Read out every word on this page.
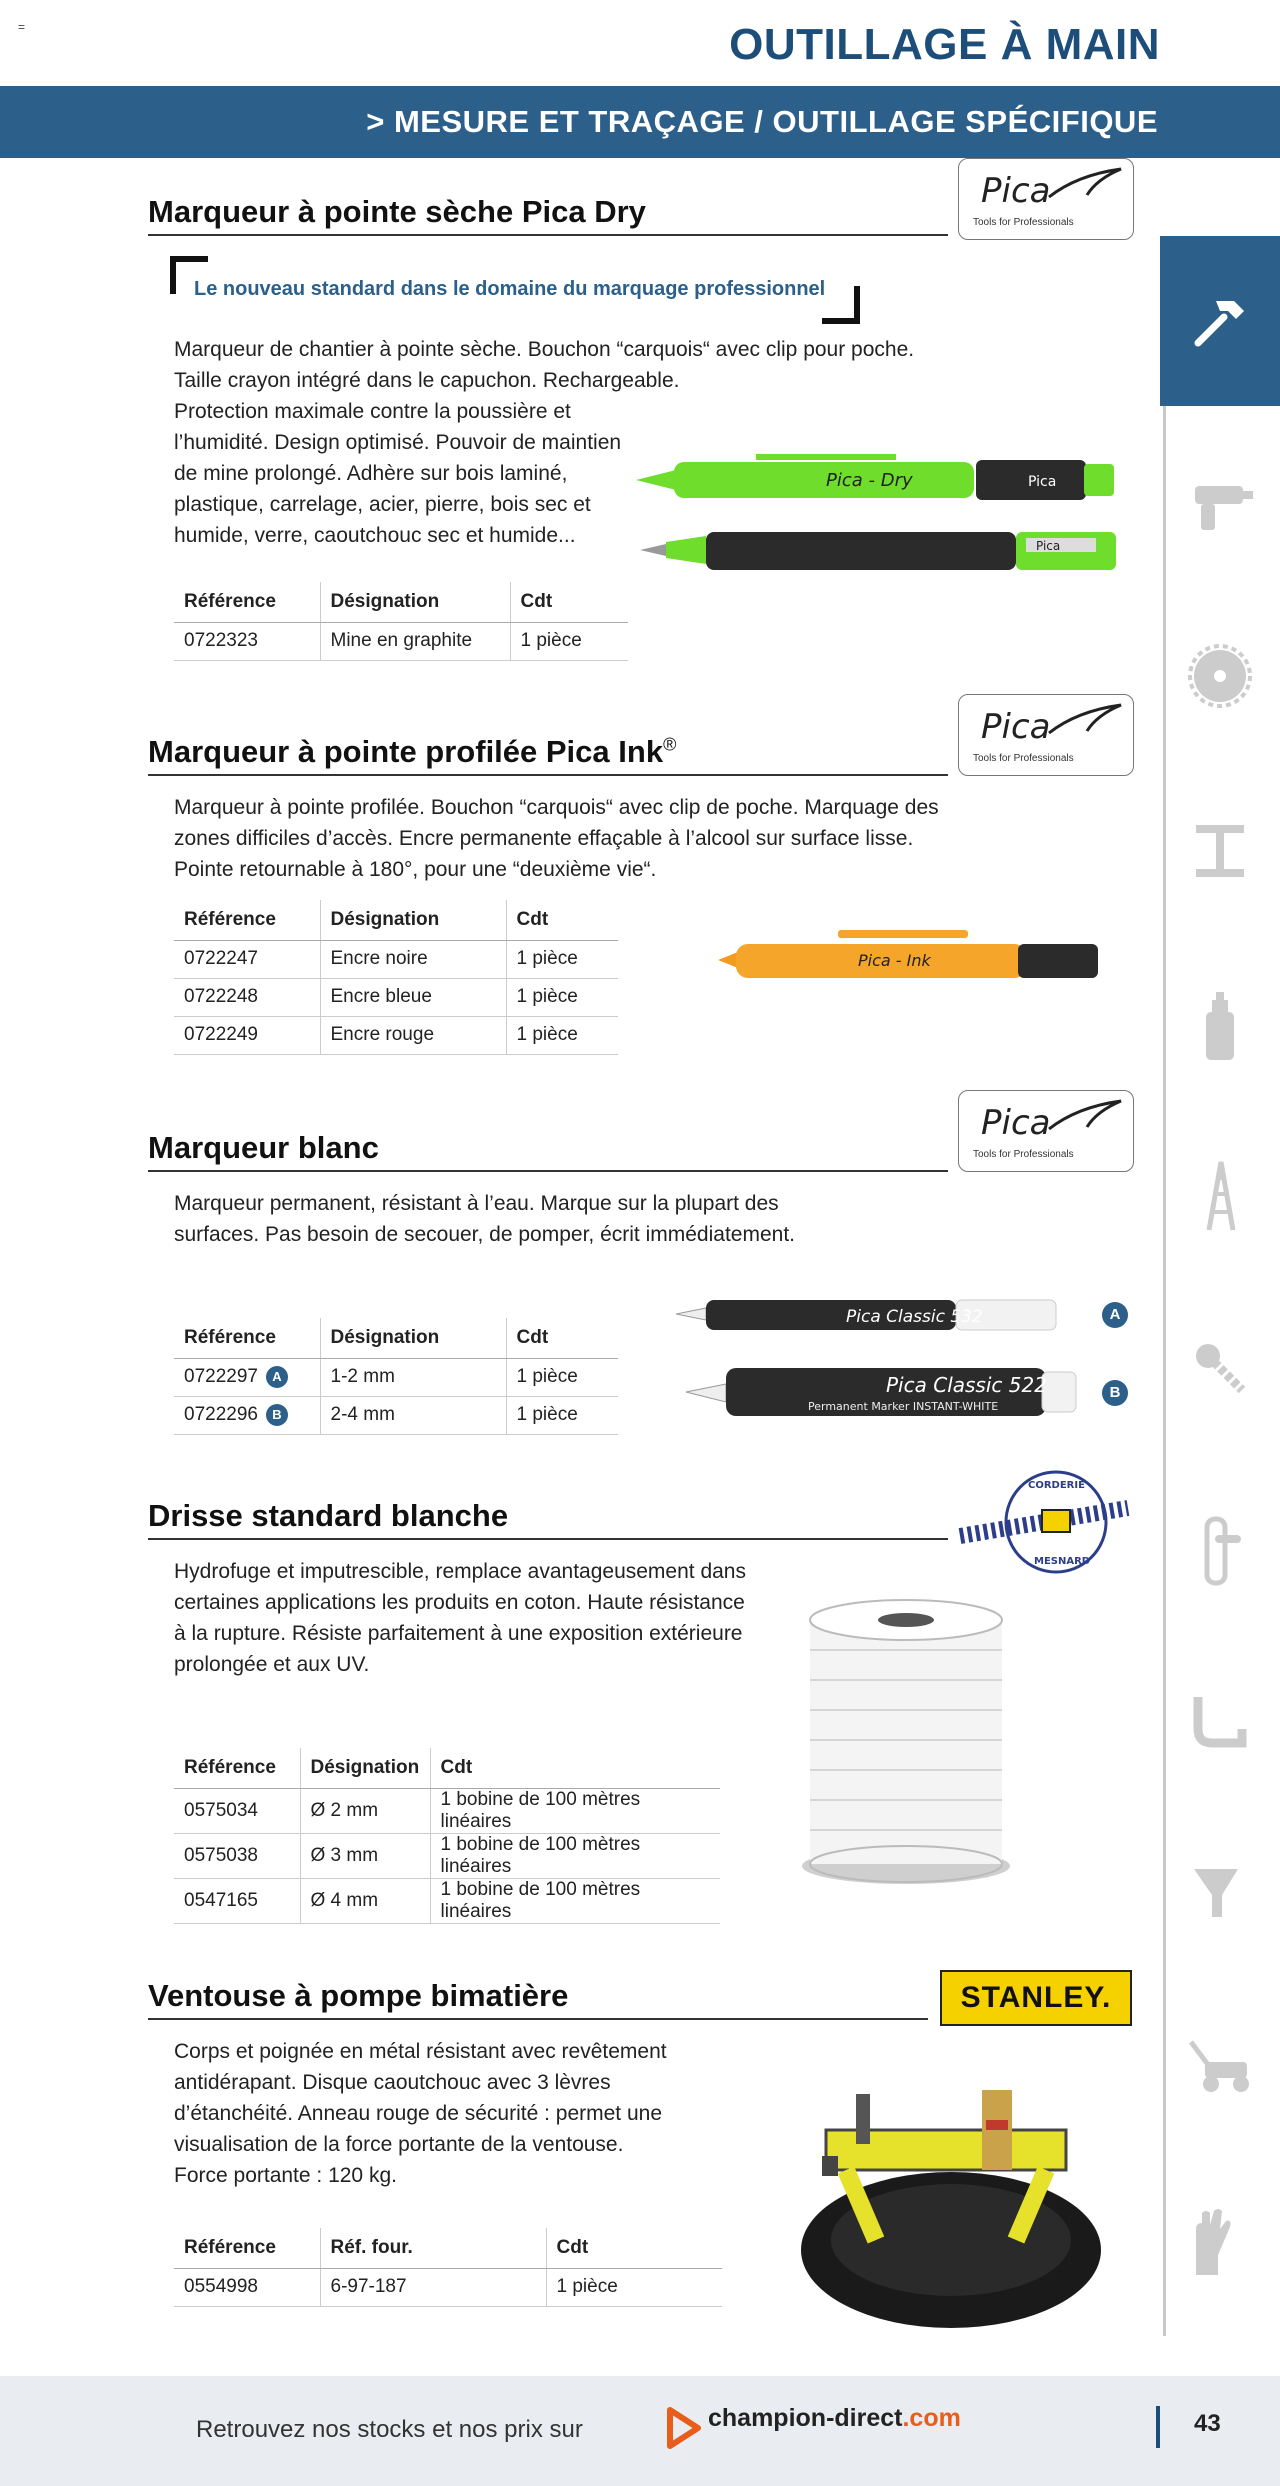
=	OUTILLAGE À MAIN
> MESURE ET TRAÇAGE / OUTILLAGE SPÉCIFIQUE
Marqueur à pointe sèche Pica Dry
Pica
Tools for Professionals
Le nouveau standard dans le domaine du marquage professionnel
Marqueur de chantier à pointe sèche. Bouchon “carquois“ avec clip pour poche.
Taille crayon intégré dans le capuchon. Rechargeable.
Protection maximale contre la poussière et
l’humidité. Design optimisé. Pouvoir de maintien
de mine prolongé. Adhère sur bois laminé,
plastique, carrelage, acier, pierre, bois sec et
humide, verre, caoutchouc sec et humide...
Pica - Dry	Pica
Pica
Référence	Désignation	Cdt
0722323	Mine en graphite	1 pièce
Marqueur à pointe profilée Pica Ink®	Pica
Tools for Professionals
Marqueur à pointe profilée. Bouchon “carquois“ avec clip de poche. Marquage des
zones difficiles d’accès. Encre permanente effaçable à l’alcool sur surface lisse.
Pointe retournable à 180°, pour une “deuxième vie“.
Pica - Ink
Référence	Désignation	Cdt
0722247	Encre noire	1 pièce
0722248	Encre bleue	1 pièce
0722249	Encre rouge	1 pièce
Marqueur blanc
Pica
Tools for Professionals
Marqueur permanent, résistant à l’eau. Marque sur la plupart des
surfaces. Pas besoin de secouer, de pomper, écrit immédiatement.
Pica Classic 532
Pica Classic 522
Permanent Marker INSTANT-WHITE
A
B
Référence	Désignation	Cdt
0722297 A	1-2 mm	1 pièce
0722296 B	2-4 mm	1 pièce
Drisse standard blanche
CORDERIE
MESNARD
Hydrofuge et imputrescible, remplace avantageusement dans
certaines applications les produits en coton. Haute résistance
à la rupture. Résiste parfaitement à une exposition extérieure
prolongée et aux UV.
Référence	Désignation	Cdt
0575034	Ø 2 mm	1 bobine de 100 mètres linéaires
0575038	Ø 3 mm	1 bobine de 100 mètres linéaires
0547165	Ø 4 mm	1 bobine de 100 mètres linéaires
Ventouse à pompe bimatière	STANLEY.
Corps et poignée en métal résistant avec revêtement
antidérapant. Disque caoutchouc avec 3 lèvres
d’étanchéité. Anneau rouge de sécurité : permet une
visualisation de la force portante de la ventouse.
Force portante : 120 kg.
Référence	Réf. four.	Cdt
0554998	6-97-187	1 pièce
Retrouvez nos stocks et nos prix sur	champion-direct.com	43
